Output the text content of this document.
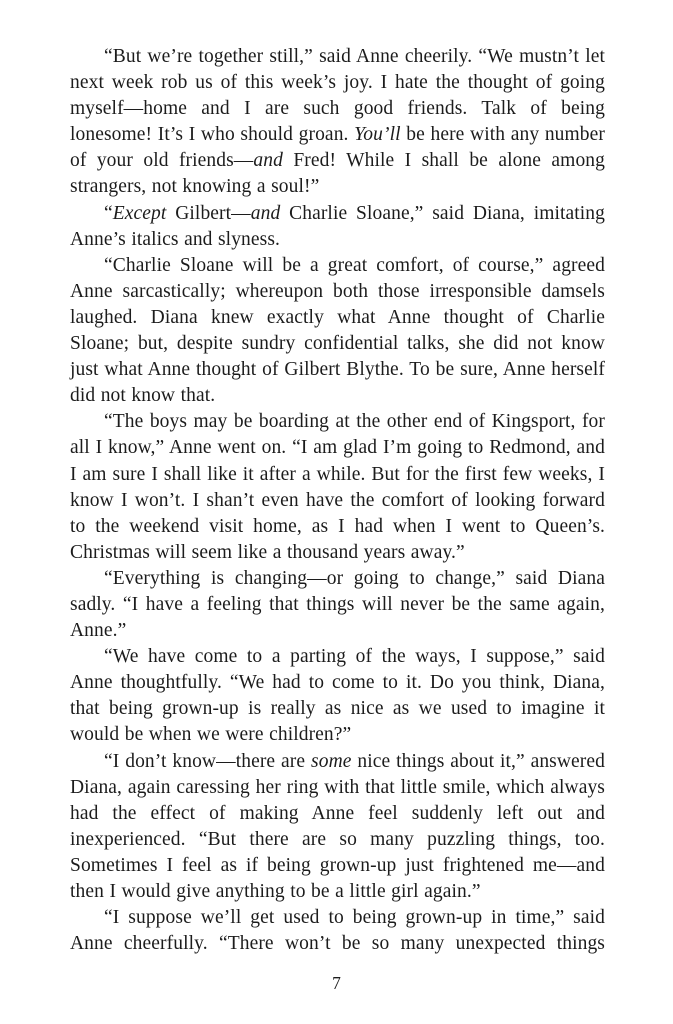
“But we’re together still,” said Anne cheerily. “We mustn’t let next week rob us of this week’s joy. I hate the thought of going myself—home and I are such good friends. Talk of being lonesome! It’s I who should groan. You’ll be here with any number of your old friends—and Fred! While I shall be alone among strangers, not knowing a soul!”

“Except Gilbert—and Charlie Sloane,” said Diana, imitating Anne’s italics and slyness.

“Charlie Sloane will be a great comfort, of course,” agreed Anne sarcastically; whereupon both those irresponsible damsels laughed. Diana knew exactly what Anne thought of Charlie Sloane; but, despite sundry confidential talks, she did not know just what Anne thought of Gilbert Blythe. To be sure, Anne herself did not know that.

“The boys may be boarding at the other end of Kingsport, for all I know,” Anne went on. “I am glad I’m going to Redmond, and I am sure I shall like it after a while. But for the first few weeks, I know I won’t. I shan’t even have the comfort of looking forward to the weekend visit home, as I had when I went to Queen’s. Christmas will seem like a thousand years away.”

“Everything is changing—or going to change,” said Diana sadly. “I have a feeling that things will never be the same again, Anne.”

“We have come to a parting of the ways, I suppose,” said Anne thoughtfully. “We had to come to it. Do you think, Diana, that being grown-up is really as nice as we used to imagine it would be when we were children?”

“I don’t know—there are some nice things about it,” answered Diana, again caressing her ring with that little smile, which always had the effect of making Anne feel suddenly left out and inexperienced. “But there are so many puzzling things, too. Sometimes I feel as if being grown-up just frightened me—and then I would give anything to be a little girl again.”

“I suppose we’ll get used to being grown-up in time,” said Anne cheerfully. “There won’t be so many unexpected things

7
